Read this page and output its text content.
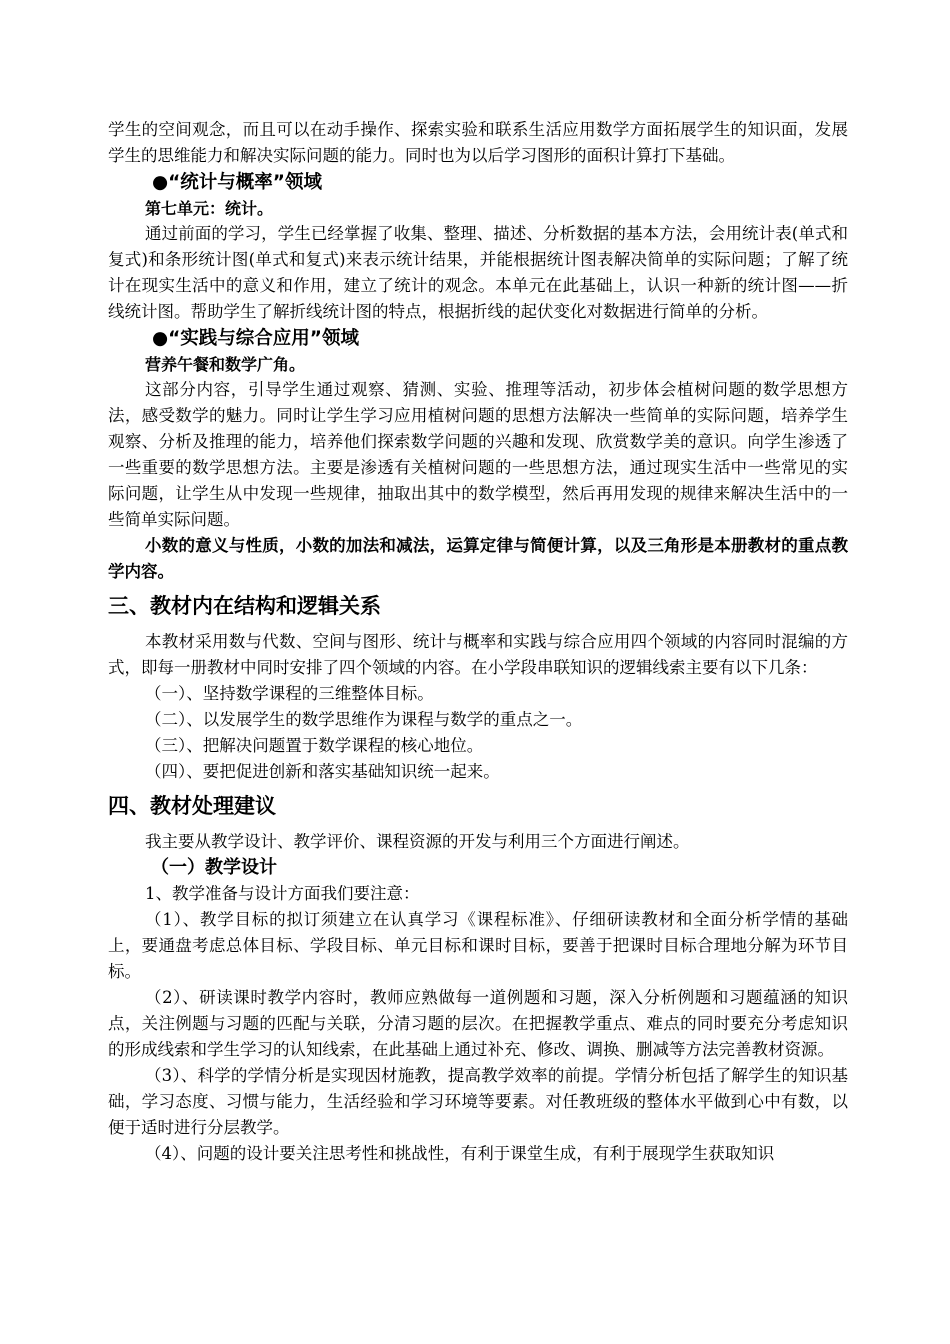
学生的空间观念，而且可以在动手操作、探索实验和联系生活应用数学方面拓展学生的知识面，发展学生的思维能力和解决实际问题的能力。同时也为以后学习图形的面积计算打下基础。

●“统计与概率”领域
第七单元：统计。

通过前面的学习，学生已经掌握了收集、整理、描述、分析数据的基本方法，会用统计表(单式和复式)和条形统计图(单式和复式)来表示统计结果，并能根据统计图表解决简单的实际问题；了解了统计在现实生活中的意义和作用，建立了统计的观念。本单元在此基础上，认识一种新的统计图——折线统计图。帮助学生了解折线统计图的特点，根据折线的起伏变化对数据进行简单的分析。

●“实践与综合应用”领域
营养午餐和数学广角。

这部分内容，引导学生通过观察、猜测、实验、推理等活动，初步体会植树问题的数学思想方法，感受数学的魅力。同时让学生学习应用植树问题的思想方法解决一些简单的实际问题，培养学生观察、分析及推理的能力，培养他们探索数学问题的兴趣和发现、欣赏数学美的意识。向学生渗透了一些重要的数学思想方法。主要是渗透有关植树问题的一些思想方法，通过现实生活中一些常见的实际问题，让学生从中发现一些规律，抽取出其中的数学模型，然后再用发现的规律来解决生活中的一些简单实际问题。

小数的意义与性质，小数的加法和减法，运算定律与简便计算，以及三角形是本册教材的重点教学内容。

三、教材内在结构和逻辑关系

本教材采用数与代数、空间与图形、统计与概率和实践与综合应用四个领域的内容同时混编的方式，即每一册教材中同时安排了四个领域的内容。在小学段串联知识的逻辑线索主要有以下几条：

（一）、坚持数学课程的三维整体目标。
（二）、以发展学生的数学思维作为课程与数学的重点之一。
（三）、把解决问题置于数学课程的核心地位。
（四）、要把促进创新和落实基础知识统一起来。
四、教材处理建议

我主要从教学设计、教学评价、课程资源的开发与利用三个方面进行阐述。

（一）教学设计

1、教学准备与设计方面我们要注意：

（1）、教学目标的拟订须建立在认真学习《课程标准》、仔细研读教材和全面分析学情的基础上，要通盘考虑总体目标、学段目标、单元目标和课时目标，要善于把课时目标合理地分解为环节目标。

（2）、研读课时教学内容时，教师应熟做每一道例题和习题，深入分析例题和习题蕴涵的知识点，关注例题与习题的匹配与关联，分清习题的层次。在把握教学重点、难点的同时要充分考虑知识的形成线索和学生学习的认知线索，在此基础上通过补充、修改、调换、删减等方法完善教材资源。

（3）、科学的学情分析是实现因材施教，提高教学效率的前提。学情分析包括了解学生的知识基础，学习态度、习惯与能力，生活经验和学习环境等要素。对任教班级的整体水平做到心中有数，以便于适时进行分层教学。

（4）、问题的设计要关注思考性和挑战性，有利于课堂生成，有利于展现学生获取知识
